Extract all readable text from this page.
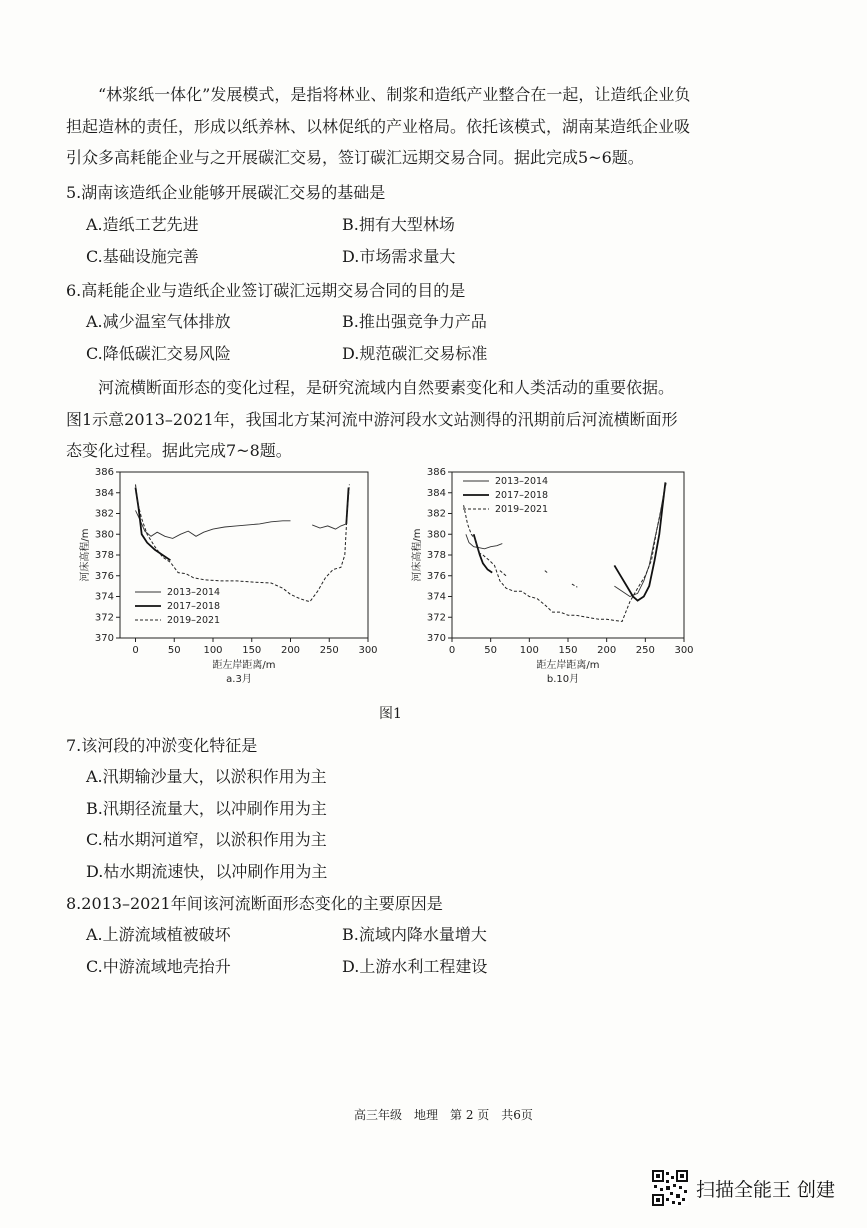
“林浆纸一体化”发展模式，是指将林业、制浆和造纸产业整合在一起，让造纸企业负
担起造林的责任，形成以纸养林、以林促纸的产业格局。依托该模式，湖南某造纸企业吸
引众多高耗能企业与之开展碳汇交易，签订碳汇远期交易合同。据此完成5~6题。
5.湖南该造纸企业能够开展碳汇交易的基础是
A.造纸工艺先进	B.拥有大型林场
C.基础设施完善	D.市场需求量大
6.高耗能企业与造纸企业签订碳汇远期交易合同的目的是
A.减少温室气体排放	B.推出强竞争力产品
C.降低碳汇交易风险	D.规范碳汇交易标准
河流横断面形态的变化过程，是研究流域内自然要素变化和人类活动的重要依据。
图1示意2013–2021年，我国北方某河流中游河段水文站测得的汛期前后河流横断面形
态变化过程。据此完成7~8题。
370
372
374
376
378
380
382
384
386
0	50 100 150 200 250 300
距左岸距离/m
河床高程/m
a.3月
2013–2014
2017–2018
2019–2021
370
372
374
376
378
380
382
384
386
0	50 100 150 200 250 300
距左岸距离/m
河床高程/m
b.10月
2013–2014
2017–2018
2019–2021
图1
7.该河段的冲淤变化特征是
A.汛期输沙量大，以淤积作用为主
B.汛期径流量大，以冲刷作用为主
C.枯水期河道窄，以淤积作用为主
D.枯水期流速快，以冲刷作用为主
8.2013–2021年间该河流断面形态变化的主要原因是
A.上游流域植被破坏	B.流域内降水量增大
C.中游流域地壳抬升	D.上游水利工程建设
高三年级　地理　第 2 页　共6页
扫描全能王 创建
